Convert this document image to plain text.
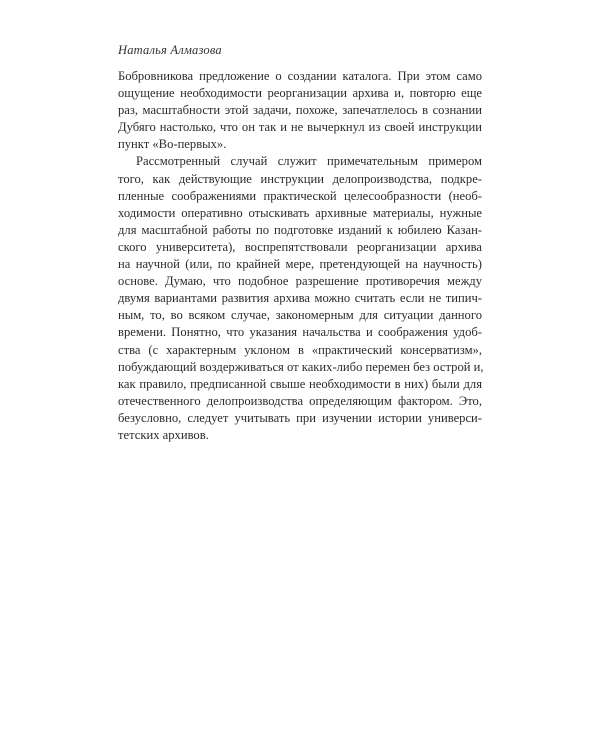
Наталья Алмазова

Бобровникова предложение о создании каталога. При этом само
ощущение необходимости реорганизации архива и, повторю еще
раз, масштабности этой задачи, похоже, запечатлелось в сознании
Дубяго настолько, что он так и не вычеркнул из своей инструкции
пункт «Во-первых».

Рассмотренный случай служит примечательным примером
того, как действующие инструкции делопроизводства, подкре-
пленные соображениями практической целесообразности (необ-
ходимости оперативно отыскивать архивные материалы, нужные
для масштабной работы по подготовке изданий к юбилею Казан-
ского университета), воспрепятствовали реорганизации архива
на научной (или, по крайней мере, претендующей на научность)
основе. Думаю, что подобное разрешение противоречия между
двумя вариантами развития архива можно считать если не типич-
ным, то, во всяком случае, закономерным для ситуации данного
времени. Понятно, что указания начальства и соображения удоб-
ства (с характерным уклоном в «практический консерватизм»,
побуждающий воздерживаться от каких-либо перемен без острой и,
как правило, предписанной свыше необходимости в них) были для
отечественного делопроизводства определяющим фактором. Это,
безусловно, следует учитывать при изучении истории универси-
тетских архивов.
